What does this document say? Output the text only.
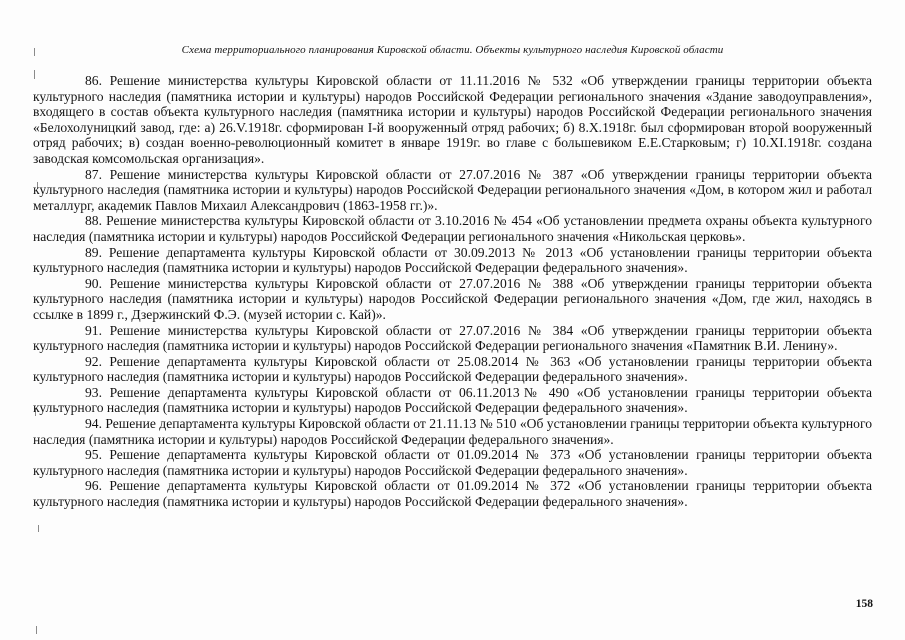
Схема территориального планирования Кировской области. Объекты культурного наследия Кировской области

86. Решение министерства культуры Кировской области от 11.11.2016 № 532 «Об утверждении границы территории объекта культурного наследия (памятника истории и культуры) народов Российской Федерации регионального значения «Здание заводоуправления», входящего в состав объекта культурного наследия (памятника истории и культуры) народов Российской Федерации регионального значения «Белохолуницкий завод, где: а) 26.V.1918г. сформирован I-й вооруженный отряд рабочих; б) 8.Х.1918г. был сформирован второй вооруженный отряд рабочих; в) создан военно-революционный комитет в январе 1919г. во главе с большевиком Е.Е.Старковым; г) 10.XI.1918г. создана заводская комсомольская организация».

87. Решение министерства культуры Кировской области от 27.07.2016 № 387 «Об утверждении границы территории объекта культурного наследия (памятника истории и культуры) народов Российской Федерации регионального значения «Дом, в котором жил и работал металлург, академик Павлов Михаил Александрович (1863-1958 гг.)».

88. Решение министерства культуры Кировской области от 3.10.2016 № 454 «Об установлении предмета охраны объекта культурного наследия (памятника истории и культуры) народов Российской Федерации регионального значения «Никольская церковь».

89. Решение департамента культуры Кировской области от 30.09.2013 № 2013 «Об установлении границы территории объекта культурного наследия (памятника истории и культуры) народов Российской Федерации федерального значения».

90. Решение министерства культуры Кировской области от 27.07.2016 № 388 «Об утверждении границы территории объекта культурного наследия (памятника истории и культуры) народов Российской Федерации регионального значения «Дом, где жил, находясь в ссылке в 1899 г., Дзержинский Ф.Э. (музей истории с. Кай)».

91. Решение министерства культуры Кировской области от 27.07.2016 № 384 «Об утверждении границы территории объекта культурного наследия (памятника истории и культуры) народов Российской Федерации регионального значения «Памятник В.И. Ленину».

92. Решение департамента культуры Кировской области от 25.08.2014 № 363 «Об установлении границы территории объекта культурного наследия (памятника истории и культуры) народов Российской Федерации федерального значения».

93. Решение департамента культуры Кировской области от 06.11.2013№ 490 «Об установлении границы территории объекта культурного наследия (памятника истории и культуры) народов Российской Федерации федерального значения».

94. Решение департамента культуры Кировской области от 21.11.13 № 510 «Об установлении границы территории объекта культурного наследия (памятника истории и культуры) народов Российской Федерации федерального значения».

95. Решение департамента культуры Кировской области от 01.09.2014 № 373 «Об установлении границы территории объекта культурного наследия (памятника истории и культуры) народов Российской Федерации федерального значения».

96. Решение департамента культуры Кировской области от 01.09.2014 № 372 «Об установлении границы территории объекта культурного наследия (памятника истории и культуры) народов Российской Федерации федерального значения».

158
